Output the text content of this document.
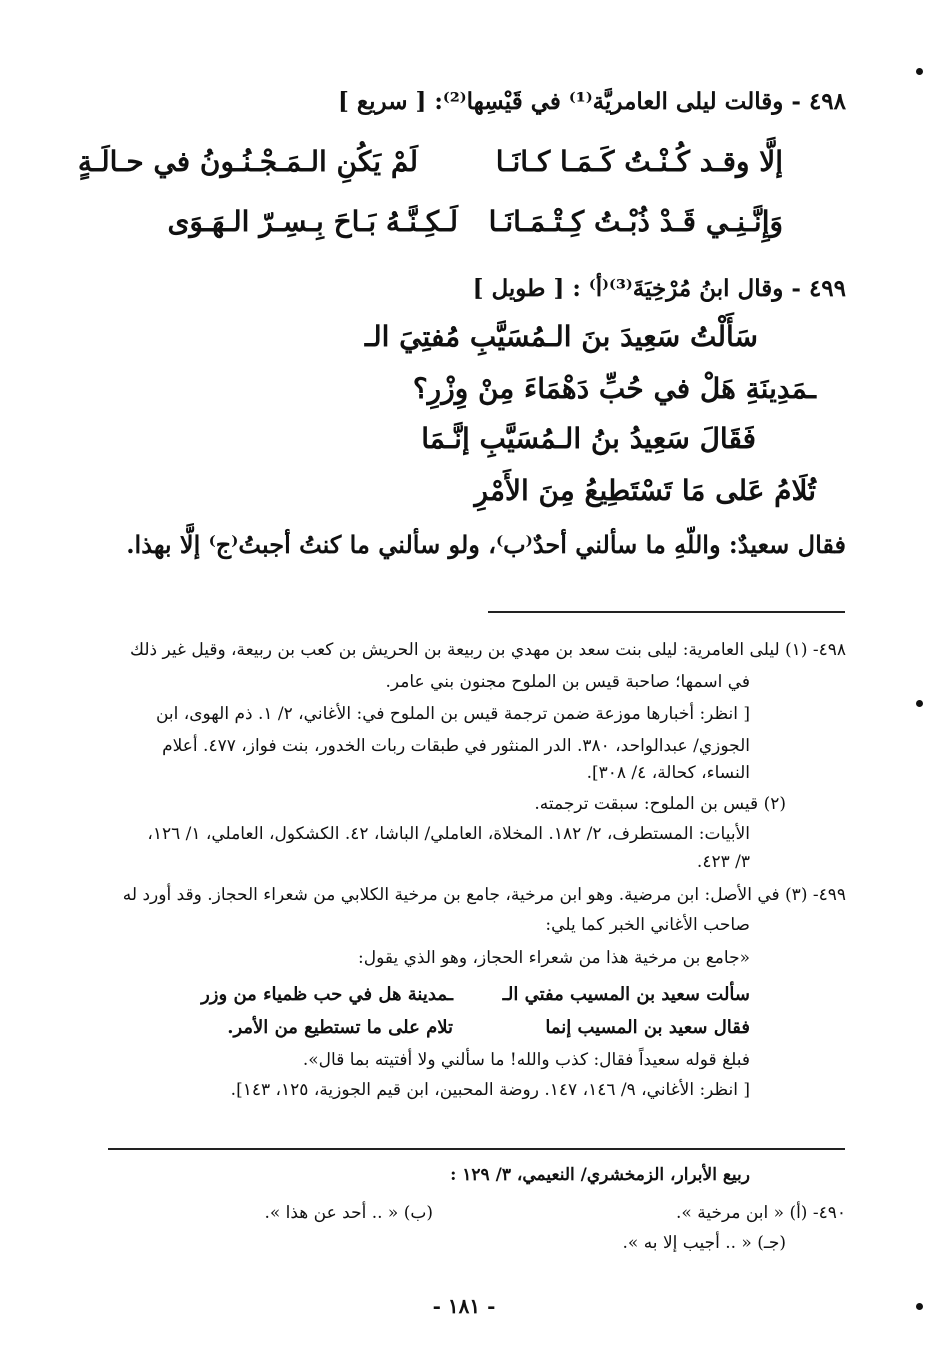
٤٩٨ - وقالت ليلى العامريَّة⁽¹⁾ في قَيْسِها⁽²⁾: [ سريع ]
لَمْ يَكُنِ الـمَـجْـنُـونُ في حـالَـةٍ	إلَّا وقـد كُـنْـتُ كَـمَـا كـانَـا
لَـكِـنَّـهُ بَـاحَ بِـسِـرّ الـهَـوَى وَإِنَّـنِـي قَـدْ ذُبْـتُ كِـتْـمَـانَـا
٤٩٩ - وقال ابنُ مُرْخِيَةَ⁽³⁾⁽أ⁾ : [ طويل ]
سَأَلْتُ سَعِيدَ بنَ الـمُسَيَّبِ مُفتِيَ الـ
ـمَدِينَةِ هَلْ في حُبِّ دَهْمَاءَ مِنْ وِزْرِ؟
فَقَالَ سَعِيدُ بنُ الـمُسَيَّبِ إنَّـمَا
تُلَامُ عَلى مَا تَسْتَطِيعُ مِنَ الأَمْرِ
فقال سعيدٌ: واللّهِ ما سألني أحدٌ⁽ب⁾، ولو سألني ما كنتُ أجبتُ⁽ج⁾ إلَّا بهذا.
٤٩٨- (١) ليلى العامرية: ليلى بنت سعد بن مهدي بن ربيعة بن الحريش بن كعب بن ربيعة، وقيل غير ذلك
في اسمها؛ صاحبة قيس بن الملوح مجنون بني عامر.
[ انظر: أخبارها موزعة ضمن ترجمة قيس بن الملوح في: الأغاني، ٢/ ١. ذم الهوى، ابن
الجوزي/ عبدالواحد، ٣٨٠. الدر المنثور في طبقات ربات الخدور، بنت فواز، ٤٧٧. أعلام
النساء، كحالة، ٤/ ٣٠٨].
(٢) قيس بن الملوح: سبقت ترجمته.
الأبيات: المستطرف، ٢/ ١٨٢. المخلاة، العاملي/ الباشا، ٤٢. الكشكول، العاملي، ١/ ١٢٦،
٣/ ٤٢٣.
٤٩٩- (٣) في الأصل: ابن مرضية. وهو ابن مرخية، جامع بن مرخية الكلابي من شعراء الحجاز. وقد أورد له
صاحب الأغاني الخبر كما يلي:
«جامع بن مرخية هذا من شعراء الحجاز، وهو الذي يقول:
سألت سعيد بن المسيب مفتي الـ
ـمدينة هل في حب ظمياء من وزر
فقال سعيد بن المسيب إنما
تلام على ما تستطيع من الأمر.
فبلغ قوله سعيداً فقال: كذب والله! ما سألني ولا أفتيته بما قال».
[ انظر: الأغاني، ٩/ ١٤٦، ١٤٧. روضة المحبين، ابن قيم الجوزية، ١٢٥، ١٤٣].
ربيع الأبرار، الزمخشري/ النعيمي، ٣/ ١٢٩ :
٤٩٠- (أ) « ابن مرخية ».
(ب) « .. أحد عن هذا ».
(جـ) « .. أجيب إلا به ».
- ١٨١ -
